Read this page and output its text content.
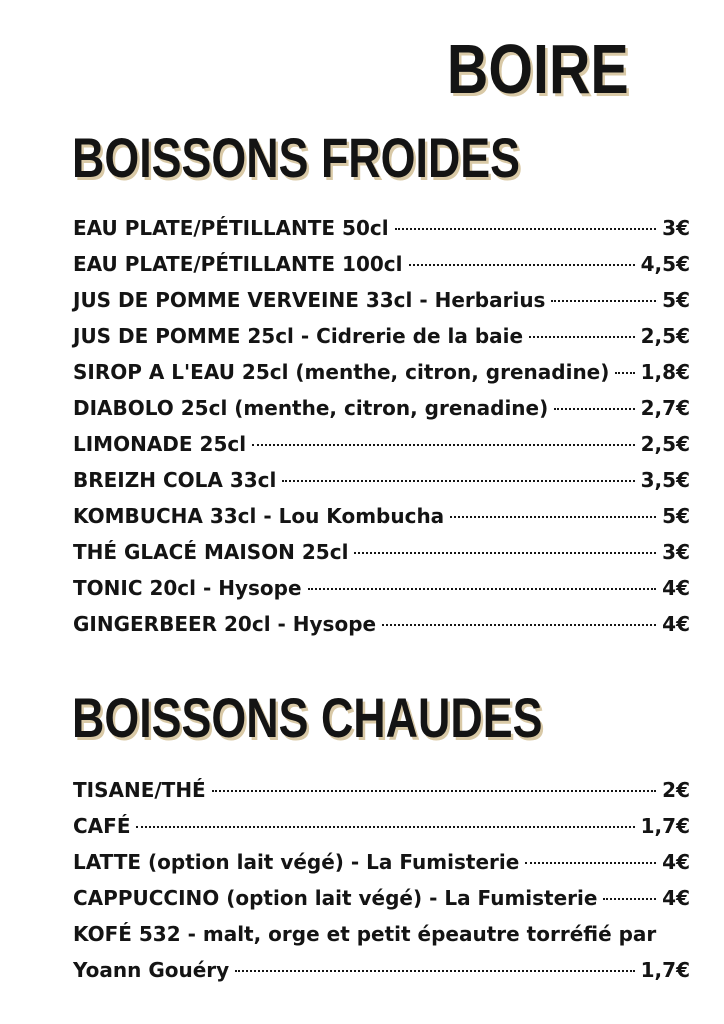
BOIRE
BOISSONS FROIDES
EAU PLATE/PÉTILLANTE 50cl	3€
EAU PLATE/PÉTILLANTE 100cl	4,5€
JUS DE POMME VERVEINE 33cl - Herbarius	5€
JUS DE POMME 25cl - Cidrerie de la baie	2,5€
SIROP A L'EAU 25cl (menthe, citron, grenadine) 1,8€
DIABOLO 25cl (menthe, citron, grenadine)	2,7€
LIMONADE 25cl	2,5€
BREIZH COLA 33cl	3,5€
KOMBUCHA 33cl - Lou Kombucha	5€
THÉ GLACÉ MAISON 25cl	3€
TONIC 20cl - Hysope	4€
GINGERBEER 20cl - Hysope	4€
BOISSONS CHAUDES
TISANE/THÉ	2€
CAFÉ	1,7€
LATTE (option lait végé) - La Fumisterie	4€
CAPPUCCINO (option lait végé) - La Fumisterie	4€
KOFÉ 532 - malt, orge et petit épeautre torréfié par
Yoann Gouéry	1,7€
